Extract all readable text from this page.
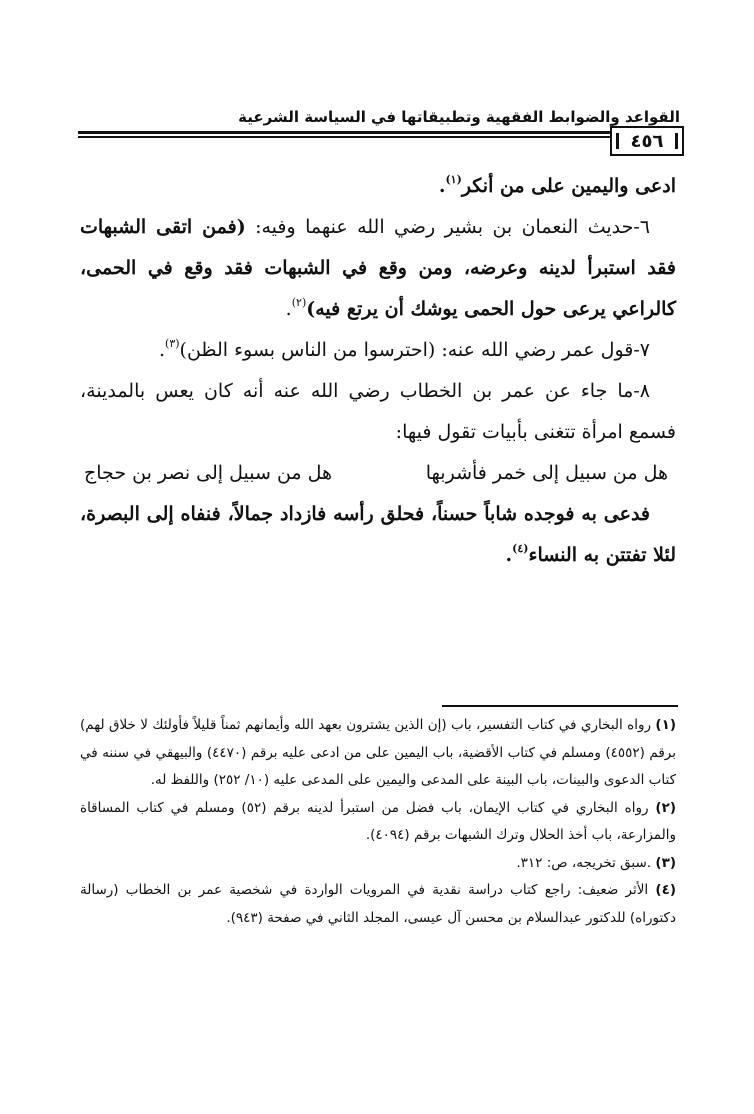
القواعد والضوابط الفقهية وتطبيقاتها في السياسة الشرعية
٤٥٦

ادعى واليمين على من أنكر$^{(١)}$.

٦-حديث النعمان بن بشير رضي الله عنهما وفيه: (فمن اتقى الشبهات فقد استبرأ لدينه وعرضه، ومن وقع في الشبهات فقد وقع في الحمى، كالراعي يرعى حول الحمى يوشك أن يرتع فيه)$^{(٢)}$.

٧-قول عمر رضي الله عنه: (احترسوا من الناس بسوء الظن)$^{(٣)}$.

٨-ما جاء عن عمر بن الخطاب رضي الله عنه أنه كان يعس بالمدينة، فسمع امرأة تتغنى بأبيات تقول فيها:

هل من سبيل إلى خمر فأشربها
هل من سبيل إلى نصر بن حجاج

فدعى به فوجده شاباً حسناً، فحلق رأسه فازداد جمالاً، فنفاه إلى البصرة، لئلا تفتتن به النساء$^{(٤)}$.

(١) رواه البخاري في كتاب التفسير، باب (إن الذين يشترون بعهد الله وأيمانهم ثمناً قليلاً فأولئك لا خلاق لهم) برقم (٤٥٥٢) ومسلم في كتاب الأقضية، باب اليمين على من ادعى عليه برقم (٤٤٧٠) والبيهقي في سننه في كتاب الدعوى والبينات، باب البينة على المدعى واليمين على المدعى عليه (١٠/ ٢٥٢) واللفظ له.

(٢) رواه البخاري في كتاب الإيمان، باب فضل من استبرأ لدينه برقم (٥٢) ومسلم في كتاب المساقاة والمزارعة، باب أخذ الحلال وترك الشبهات برقم (٤٠٩٤).

(٣) .سبق تخريجه، ص: ٣١٢.

(٤) الأثر ضعيف: راجع كتاب دراسة نقدية في المرويات الواردة في شخصية عمر بن الخطاب (رسالة دكتوراه) للدكتور عبدالسلام بن محسن آل عيسى، المجلد الثاني في صفحة (٩٤٣).
